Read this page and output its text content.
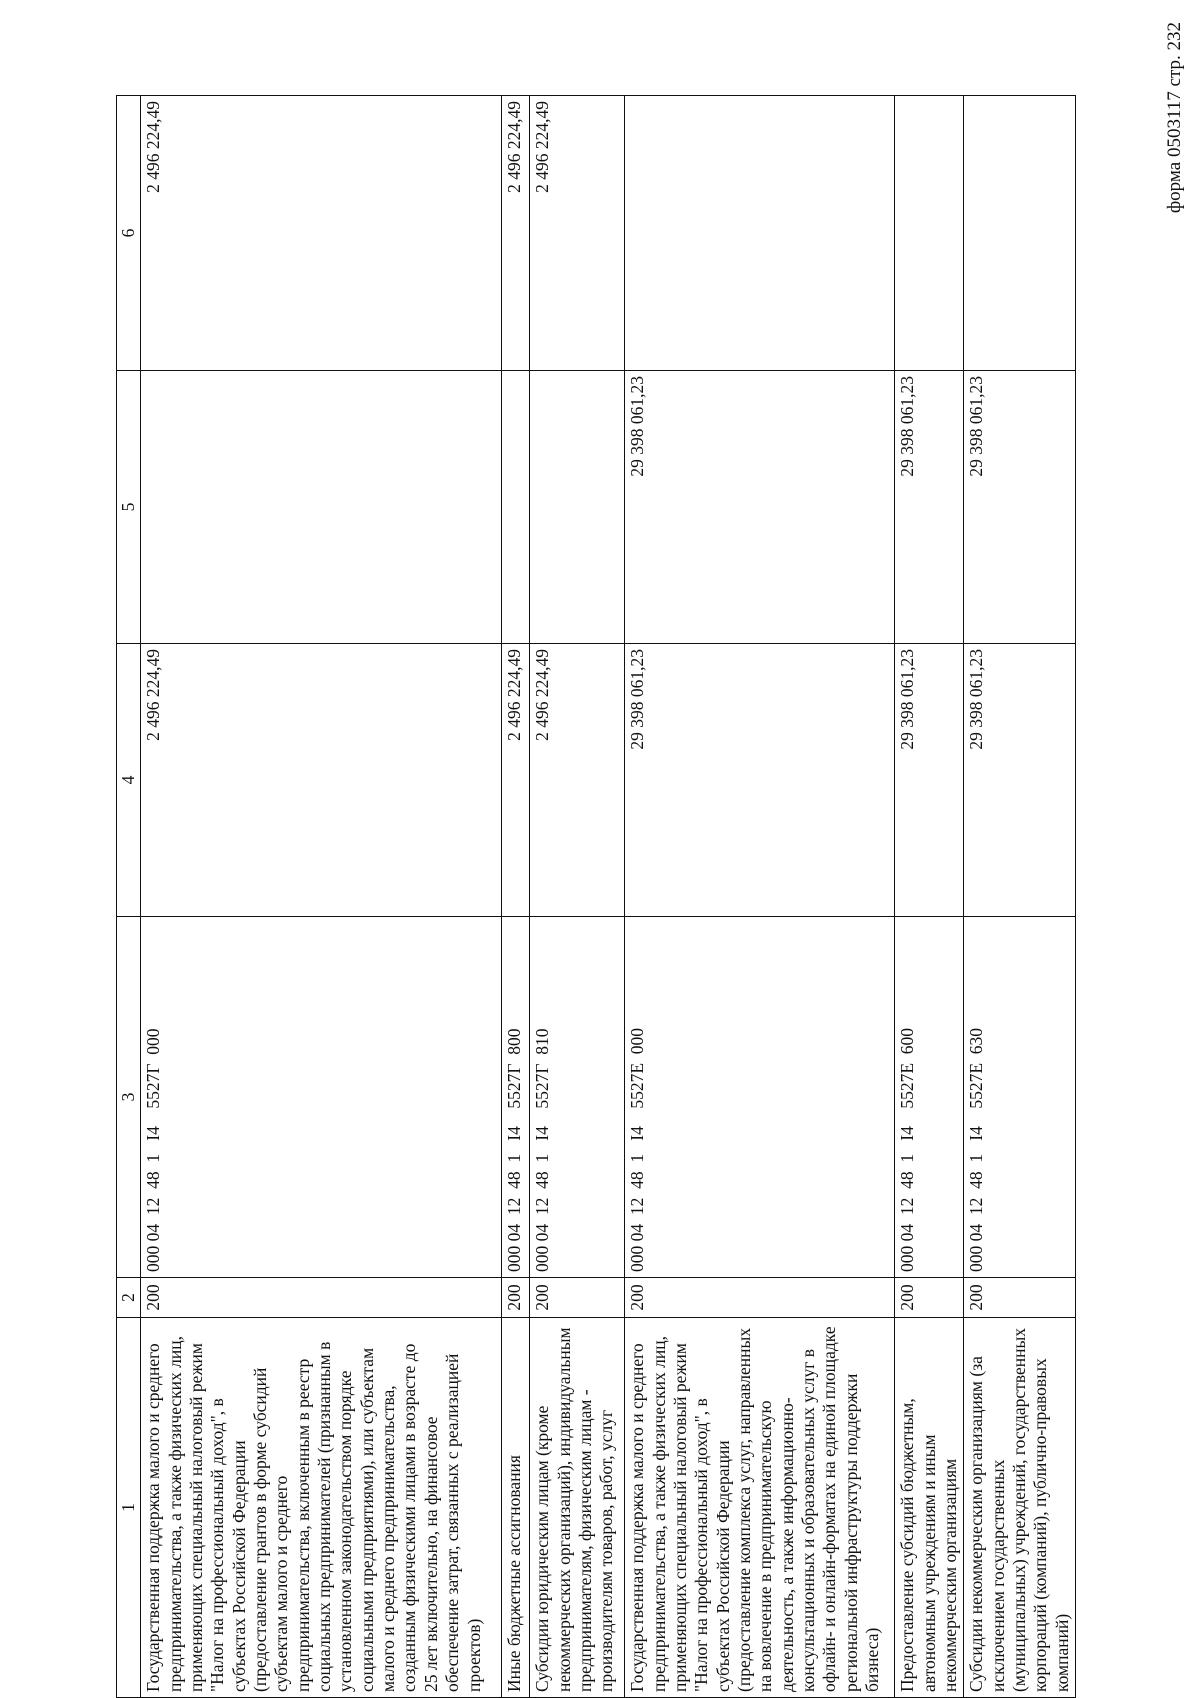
форма 0503117 стр. 232
1	2	3	4	5	6
Государственная поддержка малого и среднего предпринимательства, а также физических лиц, применяющих специальный налоговый режим "Налог на профессиональный доход", в субъектах Российской Федерации (предоставление грантов в форме субсидий субъектам малого и среднего предпринимательства, включенным в реестр социальных предпринимателей (признанным в установленном законодательством порядке социальными предприятиями), или субъектам малого и среднего предпринимательства, созданным физическими лицами в возрасте до 25 лет включительно, на финансовое обеспечение затрат, связанных с реализацией проектов)	200	000 04  12  48  1   I4    5527Г  000	2 496 224,49		2 496 224,49
Иные бюджетные ассигнования	200	000 04  12  48  1   I4    5527Г  800	2 496 224,49		2 496 224,49
Субсидии юридическим лицам (кроме некоммерческих организаций), индивидуальным предпринимателям, физическим лицам - производителям товаров, работ, услуг	200	000 04  12  48  1   I4    5527Г  810	2 496 224,49		2 496 224,49
Государственная поддержка малого и среднего предпринимательства, а также физических лиц, применяющих специальный налоговый режим "Налог на профессиональный доход", в субъектах Российской Федерации (предоставление комплекса услуг, направленных на вовлечение в предпринимательскую деятельность, а также информационно-консультационных и образовательных услуг в офлайн- и онлайн-форматах на единой площадке региональной инфраструктуры поддержки бизнеса)	200	000 04  12  48  1   I4    5527Е  000	29 398 061,23	29 398 061,23	
Предоставление субсидий бюджетным, автономным учреждениям и иным некоммерческим организациям	200	000 04  12  48  1   I4    5527Е  600	29 398 061,23	29 398 061,23	
Субсидии некоммерческим организациям (за исключением государственных (муниципальных) учреждений, государственных корпораций (компаний), публично-правовых компаний)	200	000 04  12  48  1   I4    5527Е  630	29 398 061,23	29 398 061,23	
